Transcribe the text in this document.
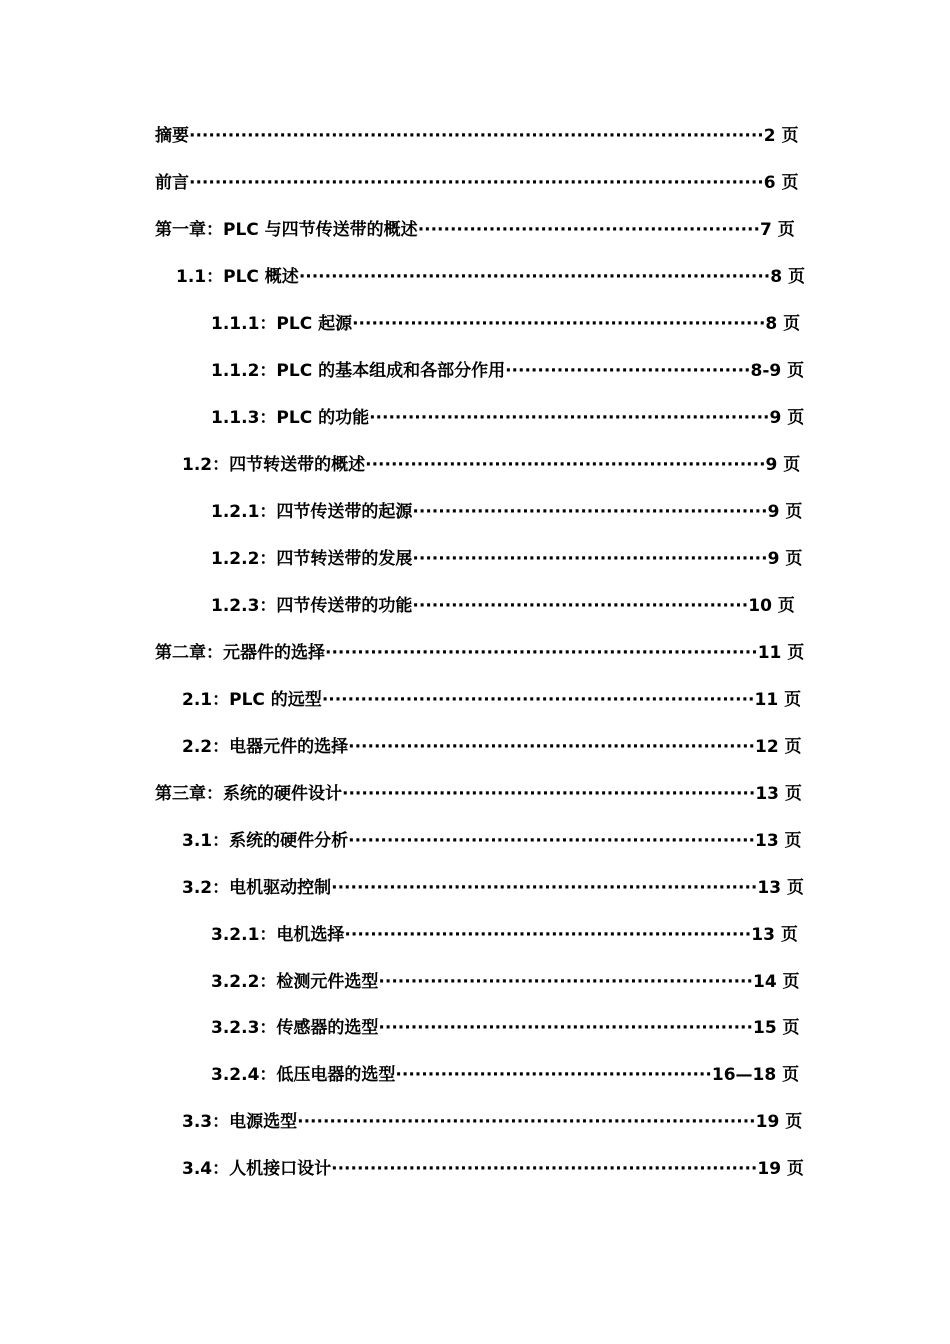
摘要·························································································2 页
前言·························································································6 页
第一章：PLC 与四节传送带的概述·····················································7 页
1.1：PLC 概述·········································································8 页
1.1.1：PLC 起源································································8 页
1.1.2：PLC 的基本组成和各部分作用······································8-9 页
1.1.3：PLC 的功能······························································9 页
1.2：四节转送带的概述······························································9 页
1.2.1：四节传送带的起源·······················································9 页
1.2.2：四节转送带的发展·······················································9 页
1.2.3：四节传送带的功能····················································10 页
第二章：元器件的选择···································································11 页
2.1：PLC 的远型···································································11 页
2.2：电器元件的选择·······························································12 页
第三章：系统的硬件设计································································13 页
3.1：系统的硬件分析·······························································13 页
3.2：电机驱动控制··································································13 页
3.2.1：电机选择·······························································13 页
3.2.2：检测元件选型··························································14 页
3.2.3：传感器的选型··························································15 页
3.2.4：低压电器的选型·················································16—18 页
3.3：电源选型·······································································19 页
3.4：人机接口设计··································································19 页
